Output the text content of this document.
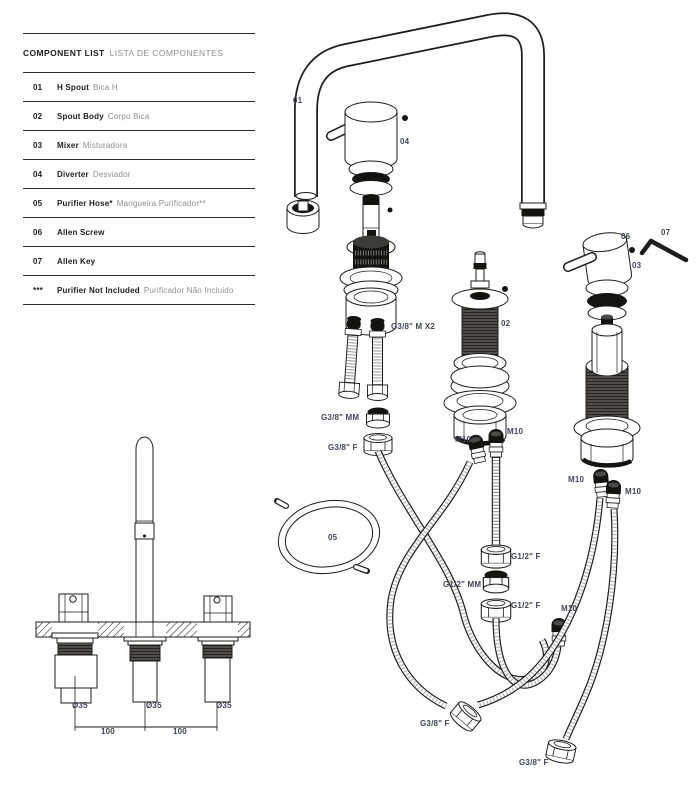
COMPONENT LIST LISTA DE COMPONENTES
01	H Spout Bica H
02	Spout Body Corpo Bica
03	Mixer Misturadora
04	Diverter Desviador
05	Purifier Hose* Mangueira Purificador**
06	Allen Screw
07	Allen Key
***	Purifier Not Included Purificador Não Incluido
01
04
02
03
06	07
05
G3/8" M X2
G3/8" MM
G3/8" F
G3/8" F
G3/8" F
G1/2" F
G1/2" MM
G1/2" F
M10
M10
M10
M10
M10
Ø35	Ø35	Ø35
100	100
